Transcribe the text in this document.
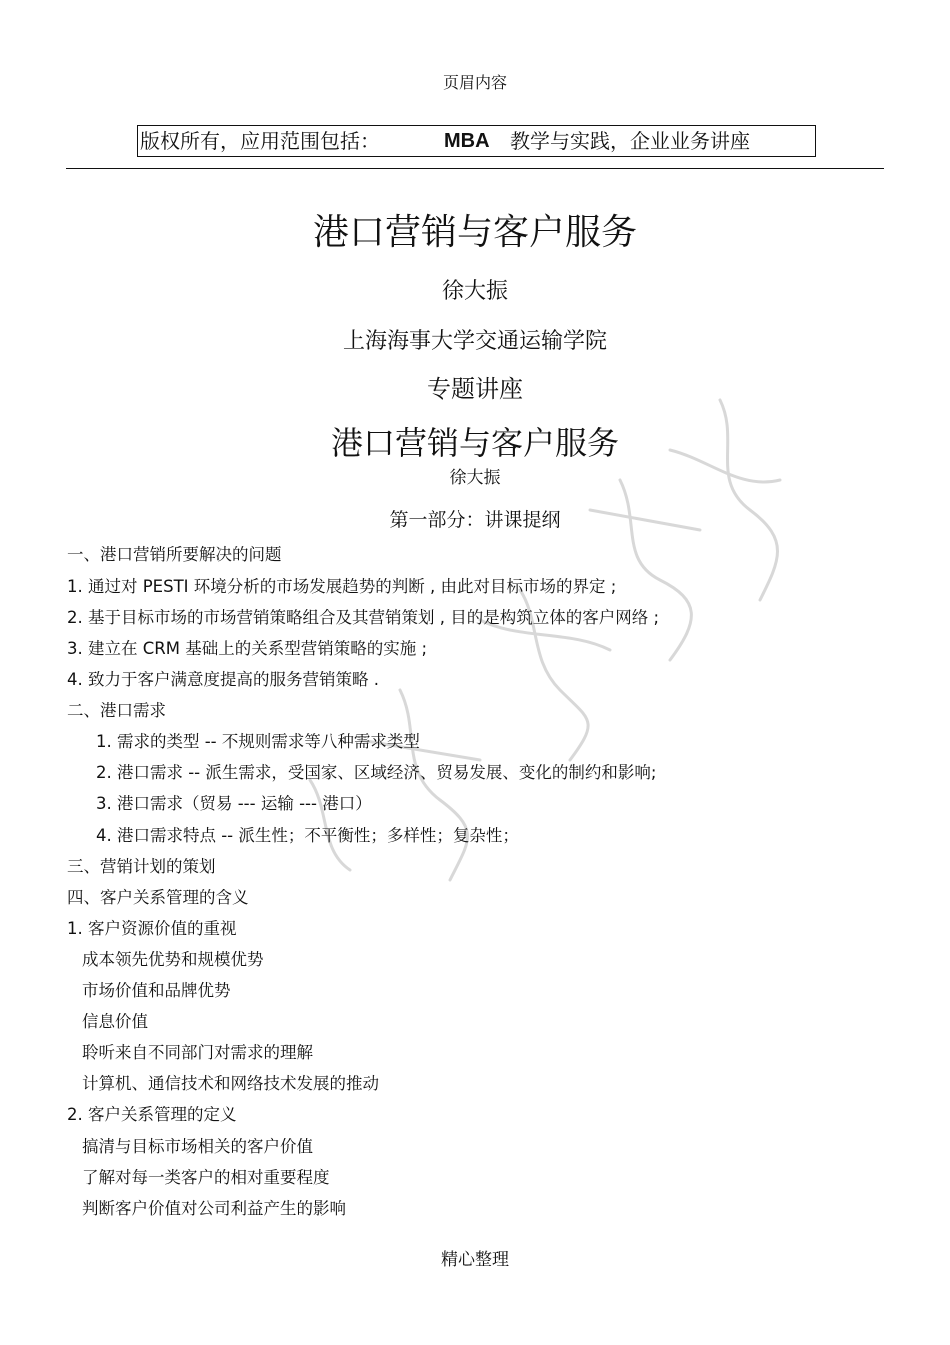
页眉内容
版权所有，应用范围包括：	MBA 教学与实践，企业业务讲座
港口营销与客户服务
徐大振
上海海事大学交通运输学院
专题讲座
港口营销与客户服务
徐大振
第一部分：讲课提纲
一、港口营销所要解决的问题
1. 通过对 PESTI 环境分析的市场发展趋势的判断 , 由此对目标市场的界定 ;
2. 基于目标市场的市场营销策略组合及其营销策划 , 目的是构筑立体的客户网络 ;
3. 建立在 CRM 基础上的关系型营销策略的实施 ;
4. 致力于客户满意度提高的服务营销策略 .
二、港口需求
1. 需求的类型 -- 不规则需求等八种需求类型
2. 港口需求 -- 派生需求，受国家、区域经济、贸易发展、变化的制约和影响;
3. 港口需求（贸易 --- 运输 --- 港口）
4. 港口需求特点 -- 派生性；不平衡性；多样性；复杂性；
三、营销计划的策划
四、客户关系管理的含义
1. 客户资源价值的重视
成本领先优势和规模优势
市场价值和品牌优势
信息价值
聆听来自不同部门对需求的理解
计算机、通信技术和网络技术发展的推动
2. 客户关系管理的定义
搞清与目标市场相关的客户价值
了解对每一类客户的相对重要程度
判断客户价值对公司利益产生的影响
精心整理
